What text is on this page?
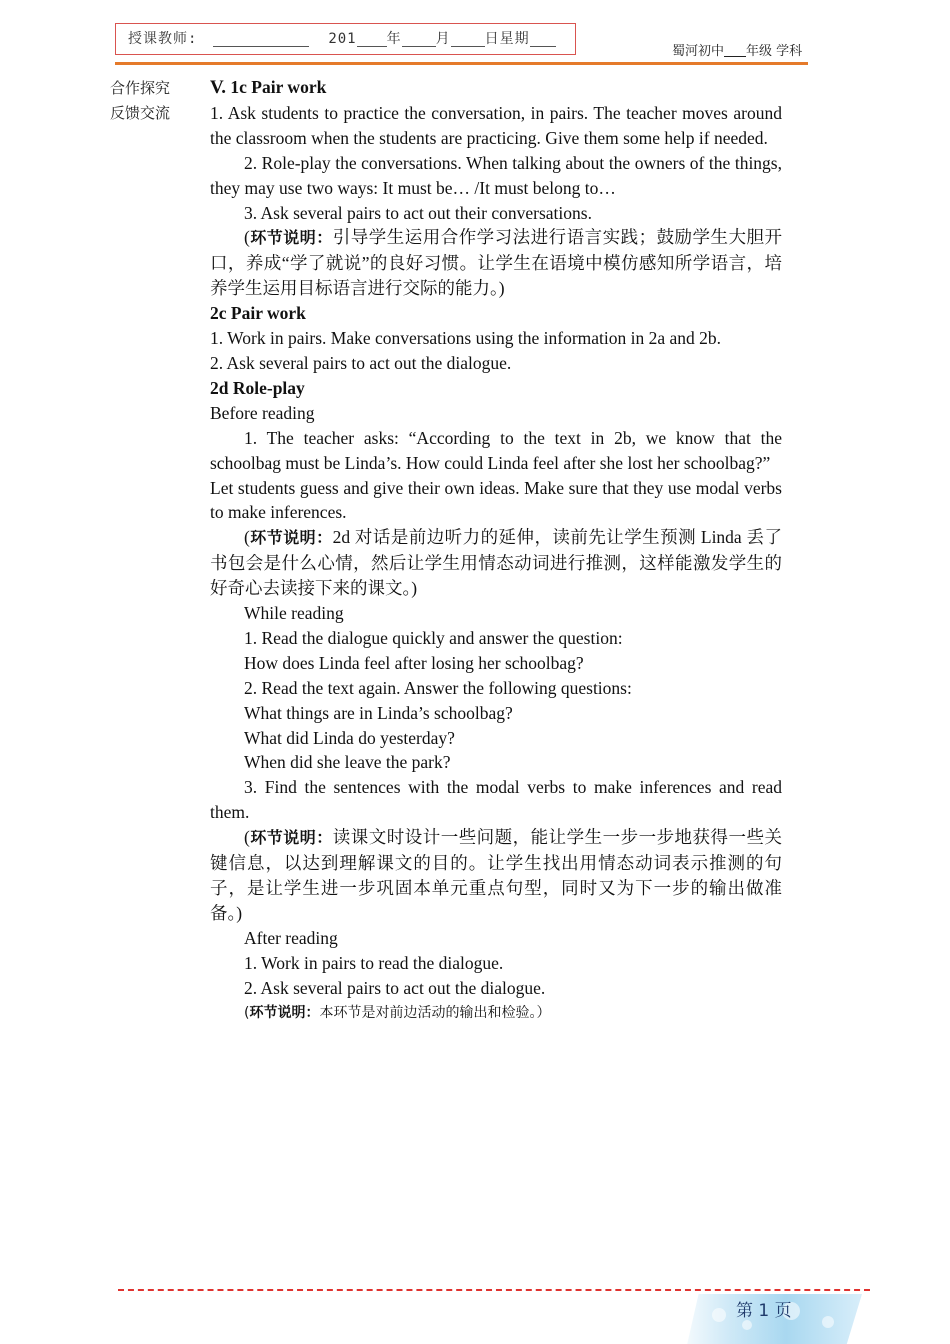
授课教师:	201 年 月 日星期
蜀河初中 年级 学科
合作探究
反馈交流

V. 1c Pair work

1. Ask students to practice the conversation, in pairs. The teacher moves around the classroom when the students are practicing. Give them some help if needed.

2. Role-play the conversations. When talking about the owners of the things, they may use two ways: It must be… /It must belong to…

3. Ask several pairs to act out their conversations.

(环节说明：引导学生运用合作学习法进行语言实践；鼓励学生大胆开口，养成“学了就说”的良好习惯。让学生在语境中模仿感知所学语言，培养学生运用目标语言进行交际的能力。)

2c Pair work

1. Work in pairs. Make conversations using the information in 2a and 2b.

2. Ask several pairs to act out the dialogue.

2d Role-play

Before reading

1. The teacher asks: “According to the text in 2b, we know that the schoolbag must be Linda’s. How could Linda feel after she lost her schoolbag?”

Let students guess and give their own ideas. Make sure that they use modal verbs to make inferences.

(环节说明：2d 对话是前边听力的延伸，读前先让学生预测 Linda 丢了书包会是什么心情，然后让学生用情态动词进行推测，这样能激发学生的好奇心去读接下来的课文。)

While reading

1. Read the dialogue quickly and answer the question:

How does Linda feel after losing her schoolbag?

2. Read the text again. Answer the following questions:

What things are in Linda’s schoolbag?

What did Linda do yesterday?

When did she leave the park?

3. Find the sentences with the modal verbs to make inferences and read them.

(环节说明：读课文时设计一些问题，能让学生一步一步地获得一些关键信息，以达到理解课文的目的。让学生找出用情态动词表示推测的句子，是让学生进一步巩固本单元重点句型，同时又为下一步的输出做准备。)

After reading

1. Work in pairs to read the dialogue.

2. Ask several pairs to act out the dialogue.

(环节说明：本环节是对前边活动的输出和检验。）

第 1 页
